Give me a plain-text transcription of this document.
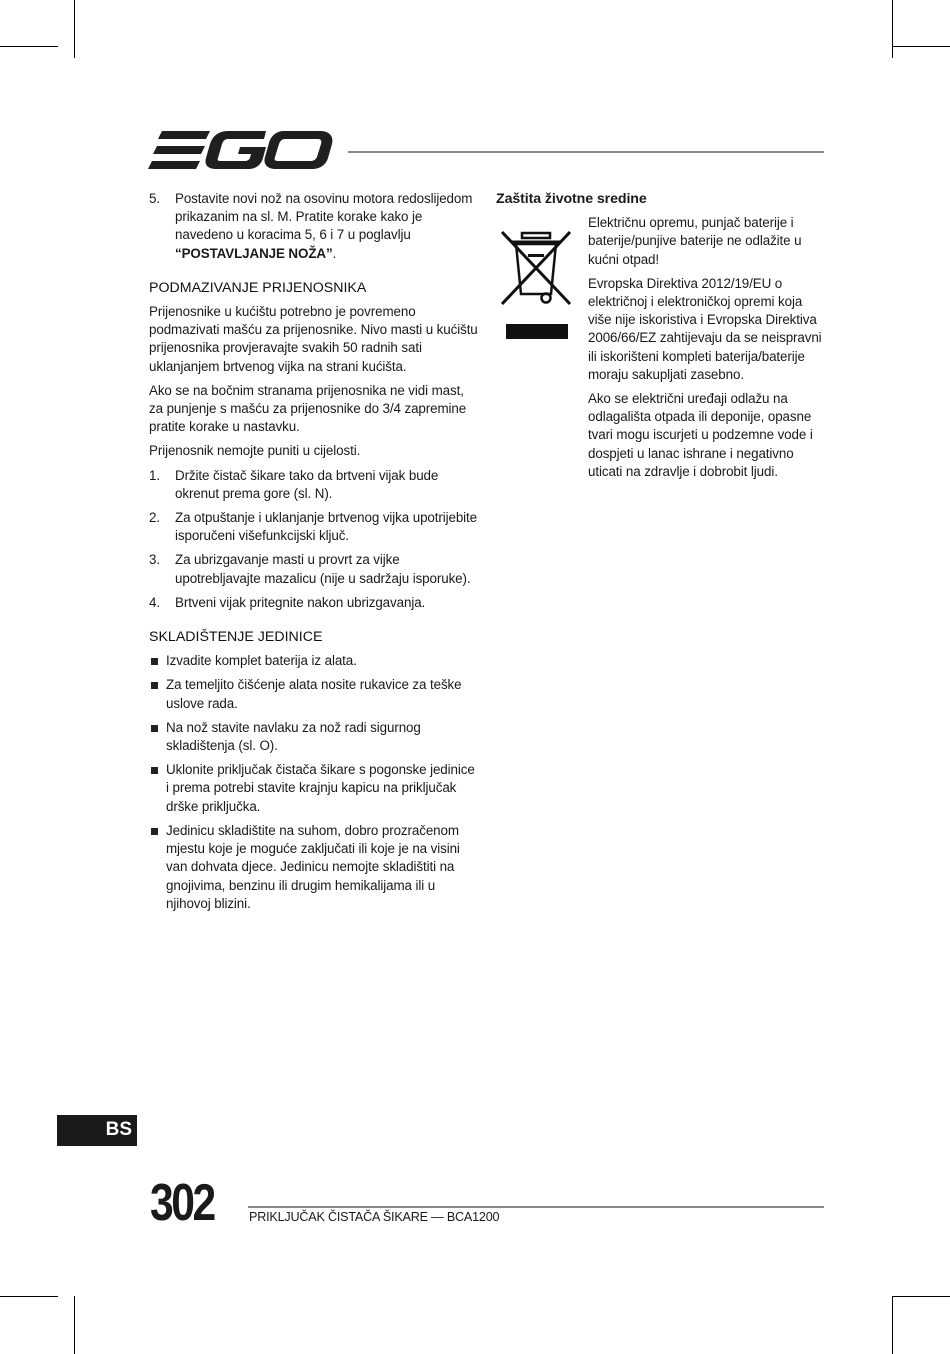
5. Postavite novi nož na osovinu motora redoslijedom prikazanim na sl. M. Pratite korake kako je navedeno u koracima 5, 6 i 7 u poglavlju “POSTAVLJANJE NOŽA”.
PODMAZIVANJE PRIJENOSNIKA

Prijenosnike u kućištu potrebno je povremeno podmazivati mašću za prijenosnike. Nivo masti u kućištu prijenosnika provjeravajte svakih 50 radnih sati uklanjanjem brtvenog vijka na strani kućišta.

Ako se na bočnim stranama prijenosnika ne vidi mast, za punjenje s mašću za prijenosnike do 3/4 zapremine pratite korake u nastavku.

Prijenosnik nemojte puniti u cijelosti.

1. Držite čistač šikare tako da brtveni vijak bude okrenut prema gore (sl. N).
2. Za otpuštanje i uklanjanje brtvenog vijka upotrijebite isporučeni višefunkcijski ključ.
3. Za ubrizgavanje masti u provrt za vijke upotrebljavajte mazalicu (nije u sadržaju isporuke).
4. Brtveni vijak pritegnite nakon ubrizgavanja.
SKLADIŠTENJE JEDINICE
Izvadite komplet baterija iz alata.
Za temeljito čišćenje alata nosite rukavice za teške uslove rada.
Na nož stavite navlaku za nož radi sigurnog skladištenja (sl. O).
Uklonite priključak čistača šikare s pogonske jedinice i prema potrebi stavite krajnju kapicu na priključak drške priključka.
Jedinicu skladištite na suhom, dobro prozračenom mjestu koje je moguće zaključati ili koje je na visini van dohvata djece. Jedinicu nemojte skladištiti na gnojivima, benzinu ili drugim hemikalijama ili u njihovoj blizini.
Zaštita životne sredine

Električnu opremu, punjač baterije i baterije/punjive baterije ne odlažite u kućni otpad!

Evropska Direktiva 2012/19/EU o električnoj i elektroničkoj opremi koja više nije iskoristiva i Evropska Direktiva 2006/66/EZ zahtijevaju da se neispravni ili iskorišteni kompleti baterija/baterije moraju sakupljati zasebno.

Ako se električni uređaji odlažu na odlagališta otpada ili deponije, opasne tvari mogu iscurjeti u podzemne vode i dospjeti u lanac ishrane i negativno uticati na zdravlje i dobrobit ljudi.

BS
302	PRIKLJUČAK ČISTAČA ŠIKARE — BCA1200
